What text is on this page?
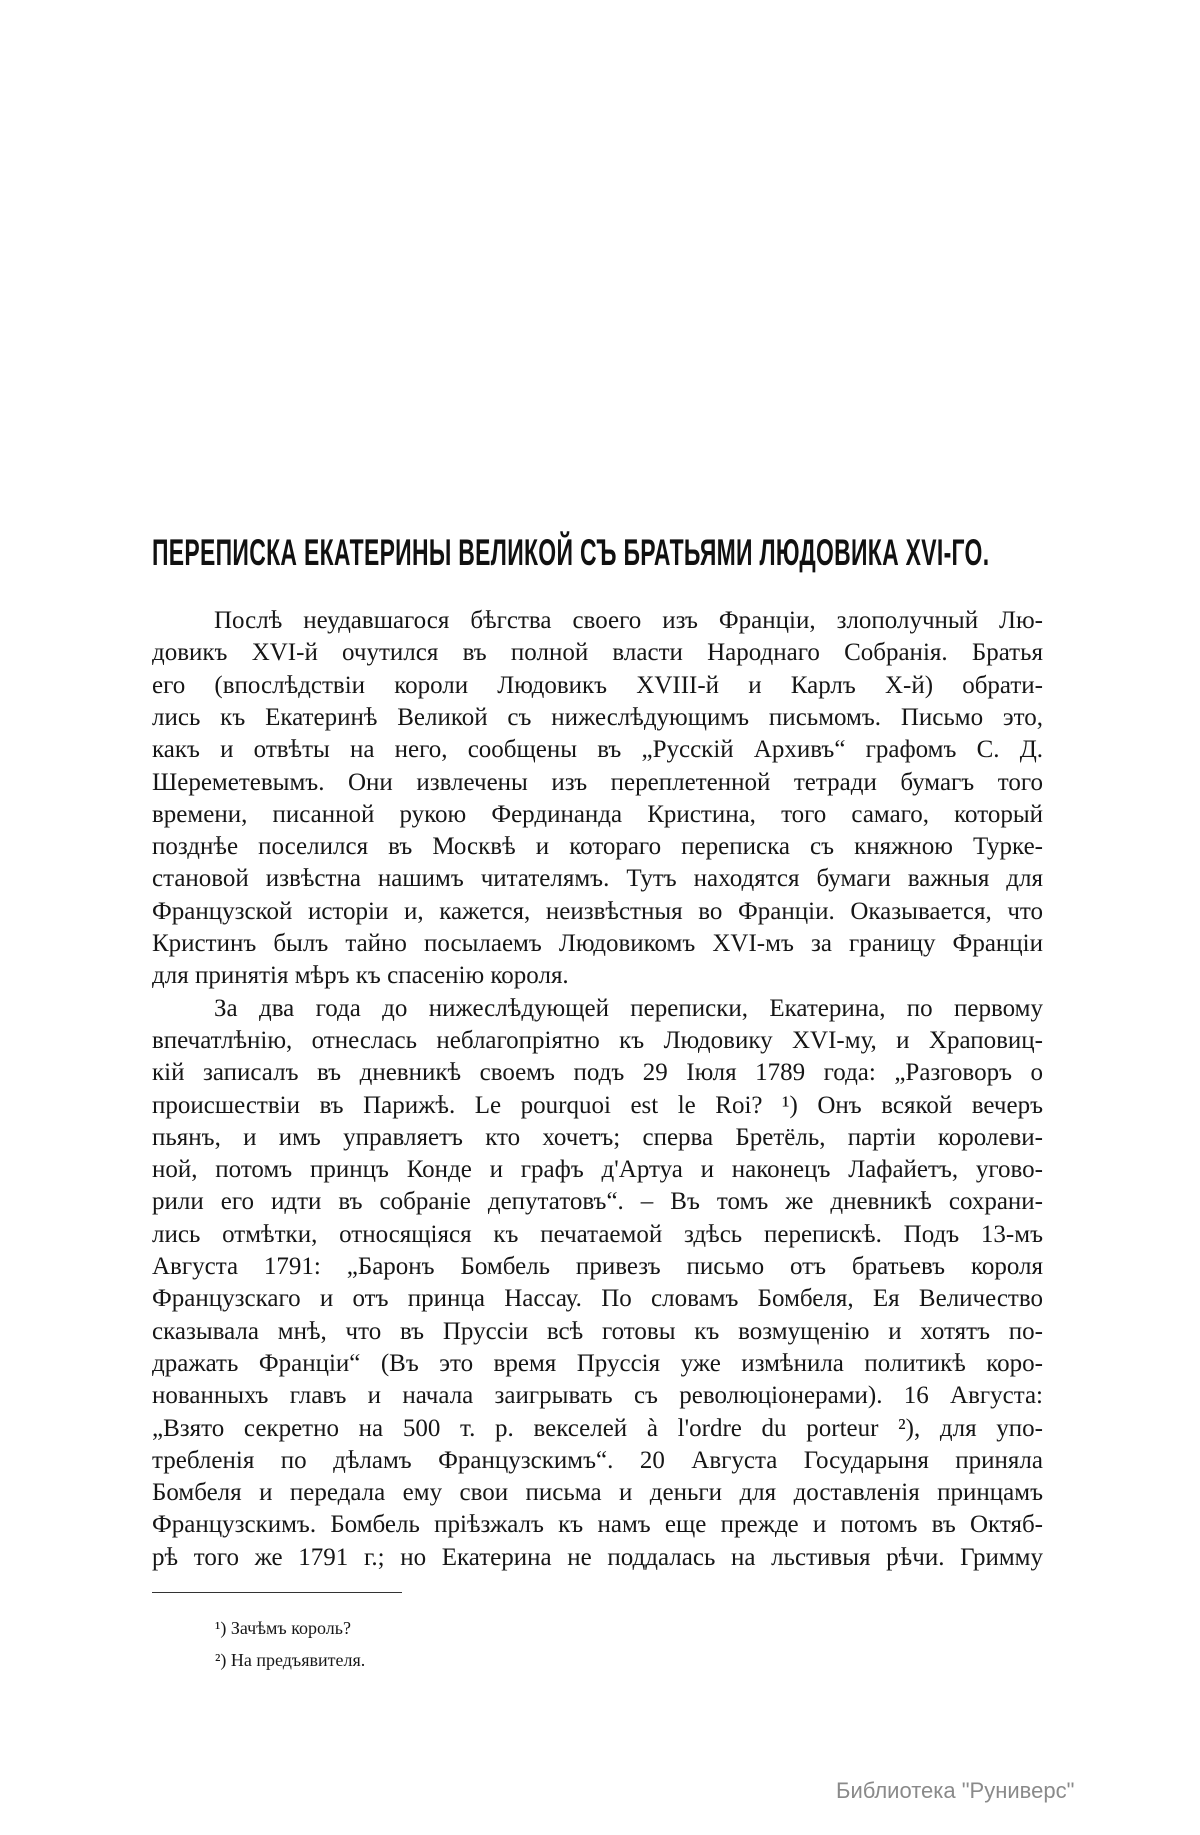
ПЕРЕПИСКА ЕКАТЕРИНЫ ВЕЛИКОЙ СЪ БРАТЬЯМИ ЛЮДОВИКА XVI-ГО.
Послѣ неудавшагося бѣгства своего изъ Франціи, злополучный Лю-
довикъ XVI-й очутился въ полной власти Народнаго Собранія. Братья
его (впослѣдствіи короли Людовикъ XVIII-й и Карлъ X-й) обрати-
лись къ Екатеринѣ Великой съ нижеслѣдующимъ письмомъ. Письмо это,
какъ и отвѣты на него, сообщены въ „Русскій Архивъ“ графомъ С. Д.
Шереметевымъ. Они извлечены изъ переплетенной тетради бумагъ того
времени, писанной рукою Фердинанда Кристина, того самаго, который
позднѣе поселился въ Москвѣ и котораго переписка съ княжною Турке-
становой извѣстна нашимъ читателямъ. Тутъ находятся бумаги важныя для
Французской исторіи и, кажется, неизвѣстныя во Франціи. Оказывается, что
Кристинъ былъ тайно посылаемъ Людовикомъ XVI-мъ за границу Франціи
для принятія мѣръ къ спасенію короля.
За два года до нижеслѣдующей переписки, Екатерина, по первому
впечатлѣнію, отнеслась неблагопріятно къ Людовику XVI-му, и Храповиц-
кій записалъ въ дневникѣ своемъ подъ 29 Іюля 1789 года: „Разговоръ о
происшествіи въ Парижѣ. Le pourquoi est le Roi? ¹) Онъ всякой вечеръ
пьянъ, и имъ управляетъ кто хочетъ; сперва Бретёль, партіи королеви-
ной, потомъ принцъ Конде и графъ д'Артуа и наконецъ Лафайетъ, угово-
рили его идти въ собраніе депутатовъ“. – Въ томъ же дневникѣ сохрани-
лись отмѣтки, относящіяся къ печатаемой здѣсь перепискѣ. Подъ 13-мъ
Августа 1791: „Баронъ Бомбель привезъ письмо отъ братьевъ короля
Французскаго и отъ принца Нассау. По словамъ Бомбеля, Ея Величество
сказывала мнѣ, что въ Пруссіи всѣ готовы къ возмущенію и хотятъ по-
дражать Франціи“ (Въ это время Пруссія уже измѣнила политикѣ коро-
нованныхъ главъ и начала заигрывать съ революціонерами). 16 Августа:
„Взято секретно на 500 т. р. векселей à l'ordre du porteur ²), для упо-
требленія по дѣламъ Французскимъ“. 20 Августа Государыня приняла
Бомбеля и передала ему свои письма и деньги для доставленія принцамъ
Французскимъ. Бомбель пріѣзжалъ къ намъ еще прежде и потомъ въ Октяб-
рѣ того же 1791 г.; но Екатерина не поддалась на льстивыя рѣчи. Гримму
¹) Зачѣмъ король?
²) На предъявителя.
Библиотека "Руниверс"
